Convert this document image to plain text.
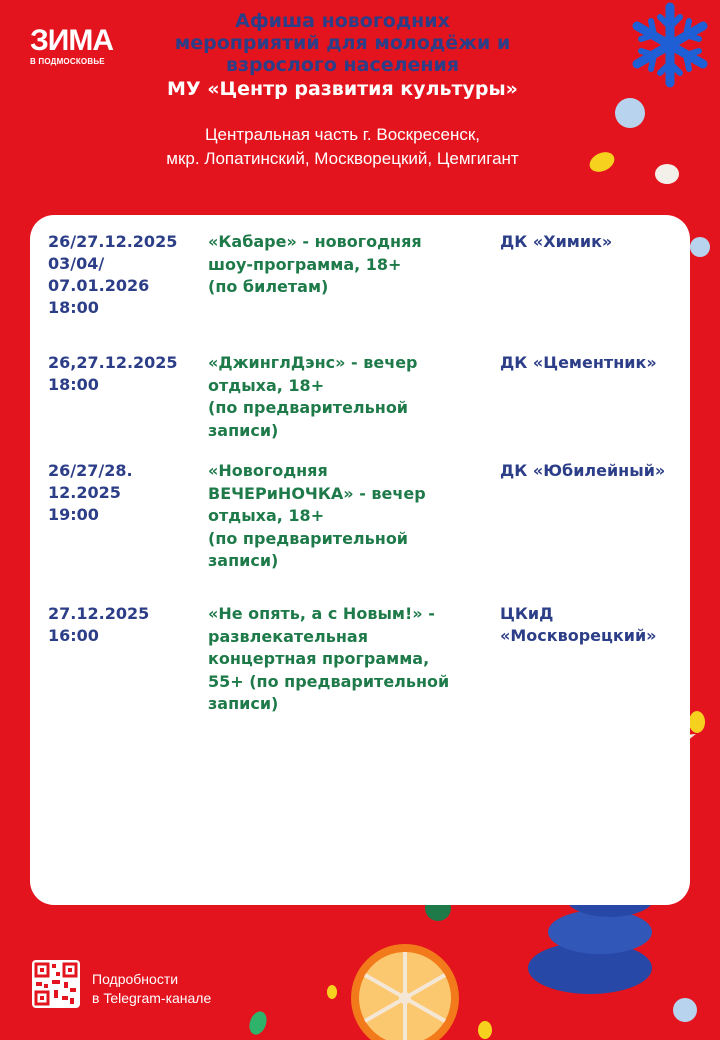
ЗИМА
В ПОДМОСКОВЬЕ
Афиша новогодних
мероприятий для молодёжи и
взрослого населения
МУ «Центр развития культуры»
Центральная часть г. Воскресенск,
мкр. Лопатинский, Москворецкий, Цемгигант
26/27.12.2025
03/04/
07.01.2026
18:00
«Кабаре» - новогодняя
шоу-программа, 18+
(по билетам)
ДК «Химик»
26,27.12.2025
18:00
«ДжинглДэнс» - вечер
отдыха, 18+
(по предварительной
записи)
ДК «Цементник»
26/27/28.
12.2025
19:00
«Новогодняя
ВЕЧЕРиНОЧКА» - вечер
отдыха, 18+
(по предварительной
записи)
ДК «Юбилейный»
27.12.2025
16:00
«Не опять, а с Новым!» -
развлекательная
концертная программа,
55+ (по предварительной
записи)
ЦКиД
«Москворецкий»
Подробности
в Telegram-канале
